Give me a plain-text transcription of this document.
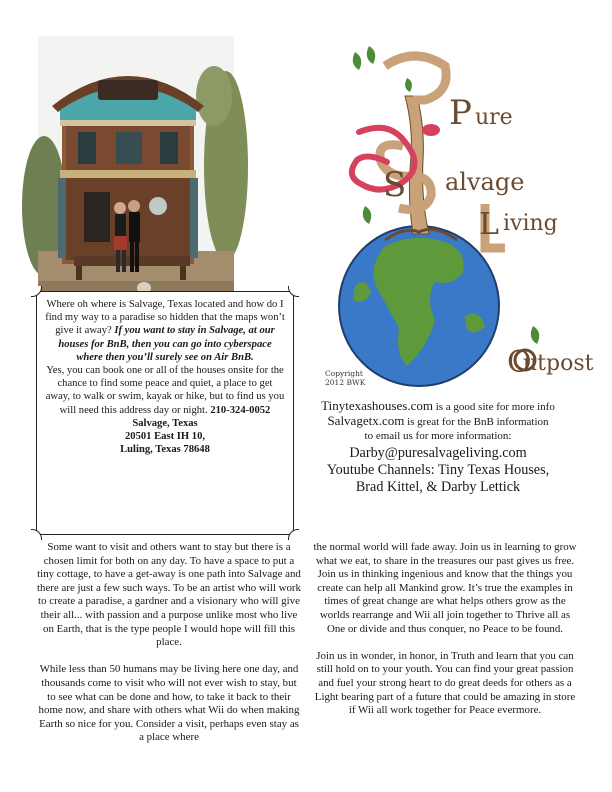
Where oh where is Salvage, Texas located and how do I find my way to a paradise so hidden that the maps won’t give it away? If you want to stay in Salvage, at our houses for BnB, then you can go into cyberspace where then you’ll surely see on Air BnB.

Yes, you can book one or all of the houses onsite for the chance to find some peace and quiet, a place to get away, to walk or swim, kayak or hike, but to find us you will need this address day or night. 210-324-0052

Salvage, Texas

20501 East IH 10,

Luling, Texas 78648

P ure
S alvage
L iving
O
utpost
Copyright
2012 BWK
Tinytexashouses.com is a good site for more info
Salvagetx.com is great for the BnB information
to email us for more information:
Darby@puresalvageliving.com
Youtube Channels: Tiny Texas Houses,
Brad Kittel, & Darby Lettick

Some want to visit and others want to stay but there is a chosen limit for both on any day. To have a space to put a tiny cottage, to have a get-away is one path into Salvage and there are just a few such ways. To be an artist who will work to create a paradise, a gardner and a visionary who will give their all... with passion and a purpose unlike most who live on Earth, that is the type people I would hope will fill this place.

While less than 50 humans may be living here one day, and thousands come to visit who will not ever wish to stay, but to see what can be done and how, to take it back to their home now, and share with others what Wii do when making Earth so nice for you. Consider a visit, perhaps even stay as a place where

the normal world will fade away. Join us in learning to grow what we eat, to share in the treasures our past gives us free. Join us in thinking ingenious and know that the things you create can help all Mankind grow. It’s true the examples in times of great change are what helps others grow as the worlds rearrange and Wii all join together to Thrive all as One or divide and thus conquer, no Peace to be found.

Join us in wonder, in honor, in Truth and learn that you can still hold on to your youth. You can find your great passion and fuel your strong heart to do great deeds for others as a Light bearing part of a future that could be amazing in store if Wii all work together for Peace evermore.
